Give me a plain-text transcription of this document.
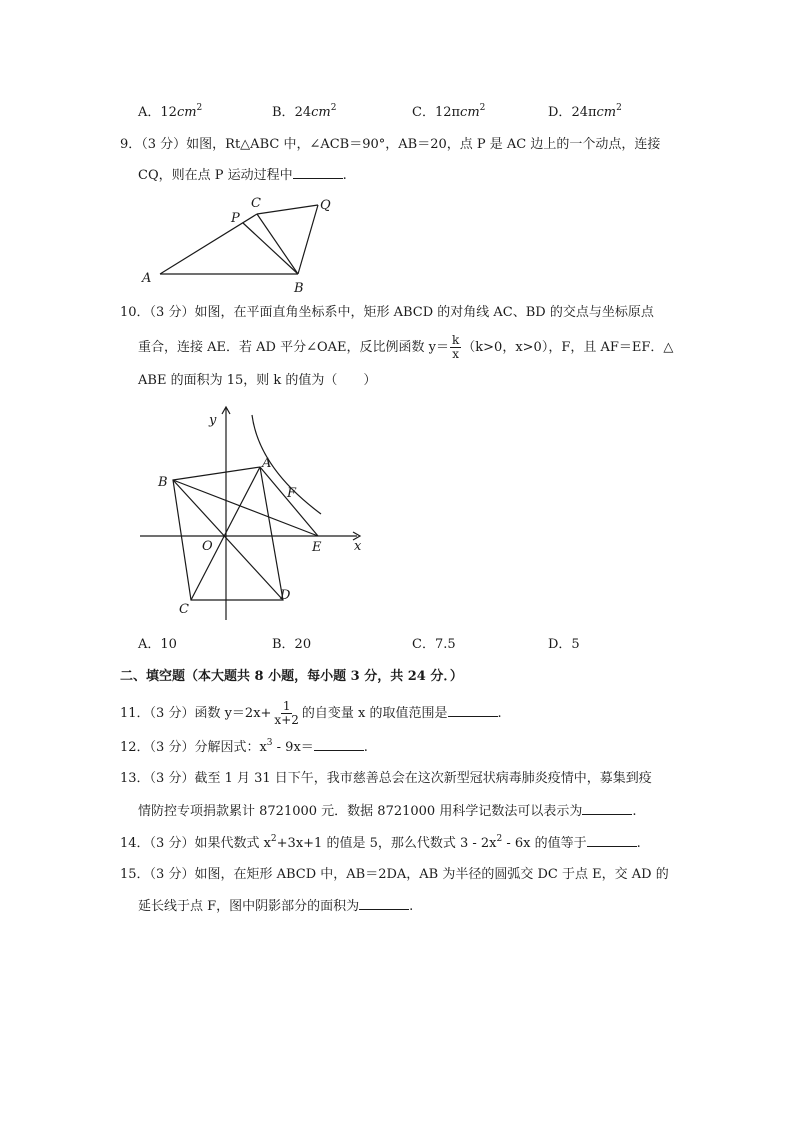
A．$12cm^2$	B．$24cm^2$	C．12πcm$^2$	D．24πcm$^2$
9．（3 分）如图，Rt△ABC 中，∠ACB＝90°，AB＝20，点 P 是 AC 边上的一个动点，连接
CQ，则在点 P 运动过程中	.
A
B
C
P
Q
10．（3 分）如图，在平面直角坐标系中，矩形 ABCD 的对角线 AC、BD 的交点与坐标原点
重合，连接 AE．若 AD 平分∠OAE，反比例函数 $y= \frac{k}{x} (k>0$，x>0），F，且 AF＝EF．△
ABE 的面积为 15，则 k 的值为（　　）
y
x
A
B
C
D
E
F
O
A．10	B．20	C．7.5	D．5
二、填空题（本大题共 8 小题，每小题 3 分，共 24 分．）
11．（3 分）函数 $y=2x+ \frac{1}{x+2}$ 的自变量 x 的取值范围是	.
12．（3 分）分解因式：$x^3 - 9x=$	.
13．（3 分）截至 1 月 31 日下午，我市慈善总会在这次新型冠状病毒肺炎疫情中，募集到疫
情防控专项捐款累计 8721000 元．数据 8721000 用科学记数法可以表示为	.
14．（3 分）如果代数式 $x^2+3x+1$ 的值是 5，那么代数式 $3 - 2x^2 - 6x$ 的值等于	.
15．（3 分）如图，在矩形 ABCD 中，AB＝2DA，AB 为半径的圆弧交 DC 于点 E，交 AD 的
延长线于点 F，图中阴影部分的面积为	.
